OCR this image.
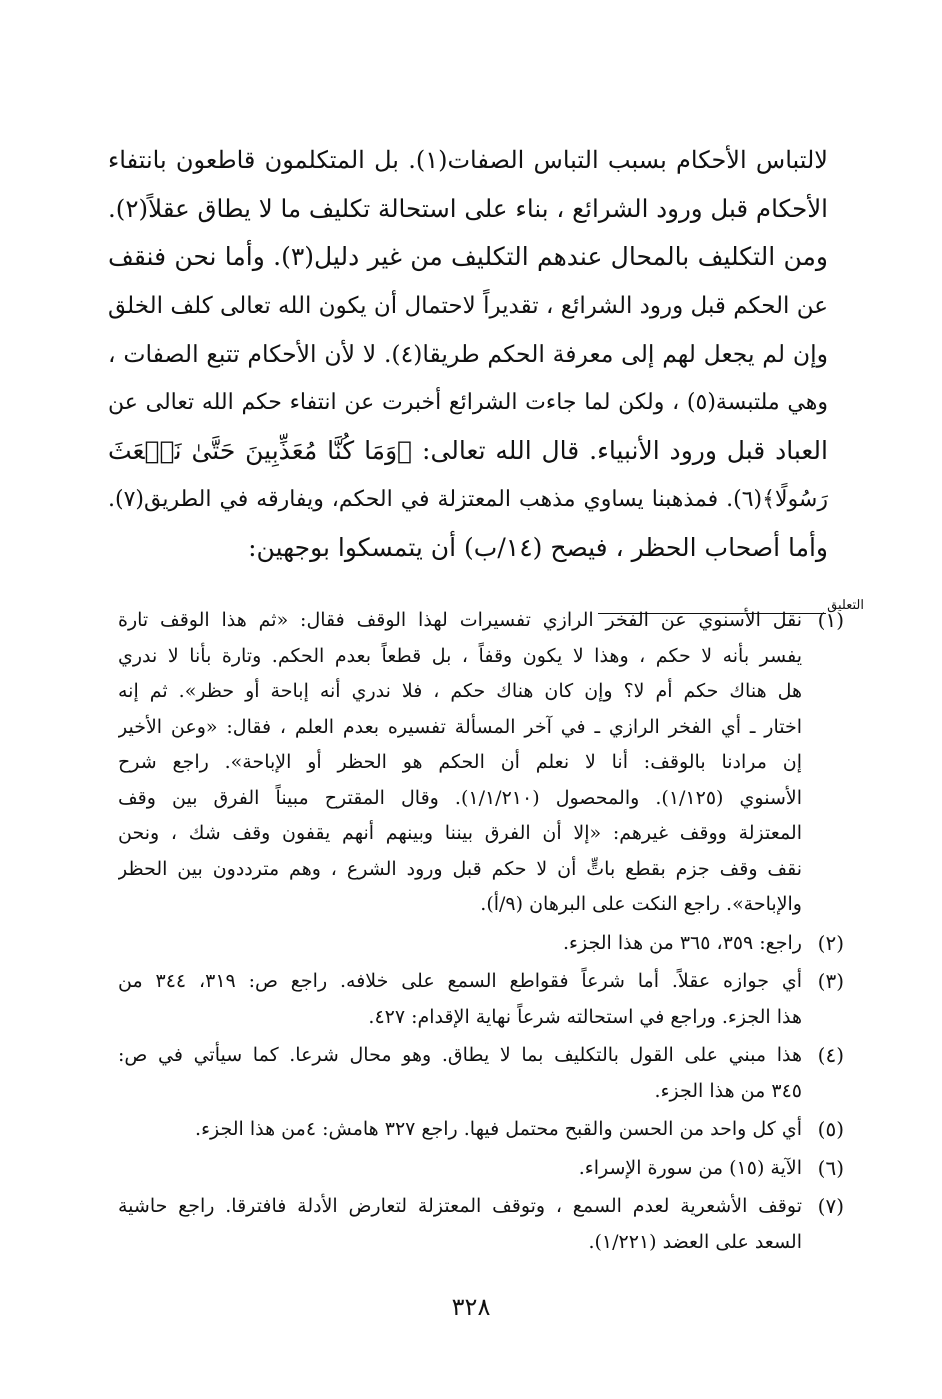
لالتباس الأحكام بسبب التباس الصفات(١). بل المتكلمون قاطعون بانتفاء
الأحكام قبل ورود الشرائع ، بناء على استحالة تكليف ما لا يطاق عقلاً(٢).
ومن التكليف بالمحال عندهم التكليف من غير دليل(٣). وأما نحن فنقف
عن الحكم قبل ورود الشرائع ، تقديراً لاحتمال أن يكون الله تعالى كلف الخلق
وإن لم يجعل لهم إلى معرفة الحكم طريقا(٤). لا لأن الأحكام تتبع الصفات ،
وهي ملتبسة(٥) ، ولكن لما جاءت الشرائع أخبرت عن انتفاء حكم الله تعالى عن
العباد قبل ورود الأنبياء. قال الله تعالى: ﴿وَمَا كُنَّا مُعَذِّبِينَ حَتَّىٰ نَبۡعَثَ
رَسُولًا﴾(٦). فمذهبنا يساوي مذهب المعتزلة في الحكم، ويفارقه في الطريق(٧).
وأما أصحاب الحظر ، فيصح (١٤/ب) أن يتمسكوا بوجهين:
التعليق
(١)
نقل الأسنوي عن الفخر الرازي تفسيرات لهذا الوقف فقال: «ثم هذا الوقف تارة
يفسر بأنه لا حكم ، وهذا لا يكون وقفاً ، بل قطعاً بعدم الحكم. وتارة بأنا لا ندري
هل هناك حكم أم لا؟ وإن كان هناك حكم ، فلا ندري أنه إباحة أو حظر». ثم إنه
اختار ـ أي الفخر الرازي ـ في آخر المسألة تفسيره بعدم العلم ، فقال: «وعن الأخير
إن مرادنا بالوقف: أنا لا نعلم أن الحكم هو الحظر أو الإباحة». راجع شرح
الأسنوي (١/١٢٥). والمحصول (١/١/٢١٠). وقال المقترح مبيناً الفرق بين وقف
المعتزلة ووقف غيرهم: «إلا أن الفرق بيننا وبينهم أنهم يقفون وقف شك ، ونحن
نقف وقف جزم بقطع باتٍّ أن لا حكم قبل ورود الشرع ، وهم مترددون بين الحظر
والإباحة». راجع النكت على البرهان (٩/أ).
(٢)
راجع: ٣٥٩، ٣٦٥ من هذا الجزء.
(٣)
أي جوازه عقلاً. أما شرعاً فقواطع السمع على خلافه. راجع ص: ٣١٩، ٣٤٤ من
هذا الجزء. وراجع في استحالته شرعاً نهاية الإقدام: ٤٢٧.
(٤)
هذا مبني على القول بالتكليف بما لا يطاق. وهو محال شرعا. كما سيأتي في ص:
٣٤٥ من هذا الجزء.
(٥)
أي كل واحد من الحسن والقبح محتمل فيها. راجع ٣٢٧ هامش: ٤من هذا الجزء.
(٦)
الآية (١٥) من سورة الإسراء.
(٧)
توقف الأشعرية لعدم السمع ، وتوقف المعتزلة لتعارض الأدلة فافترقا. راجع حاشية
السعد على العضد (١/٢٢١).
٣٢٨
